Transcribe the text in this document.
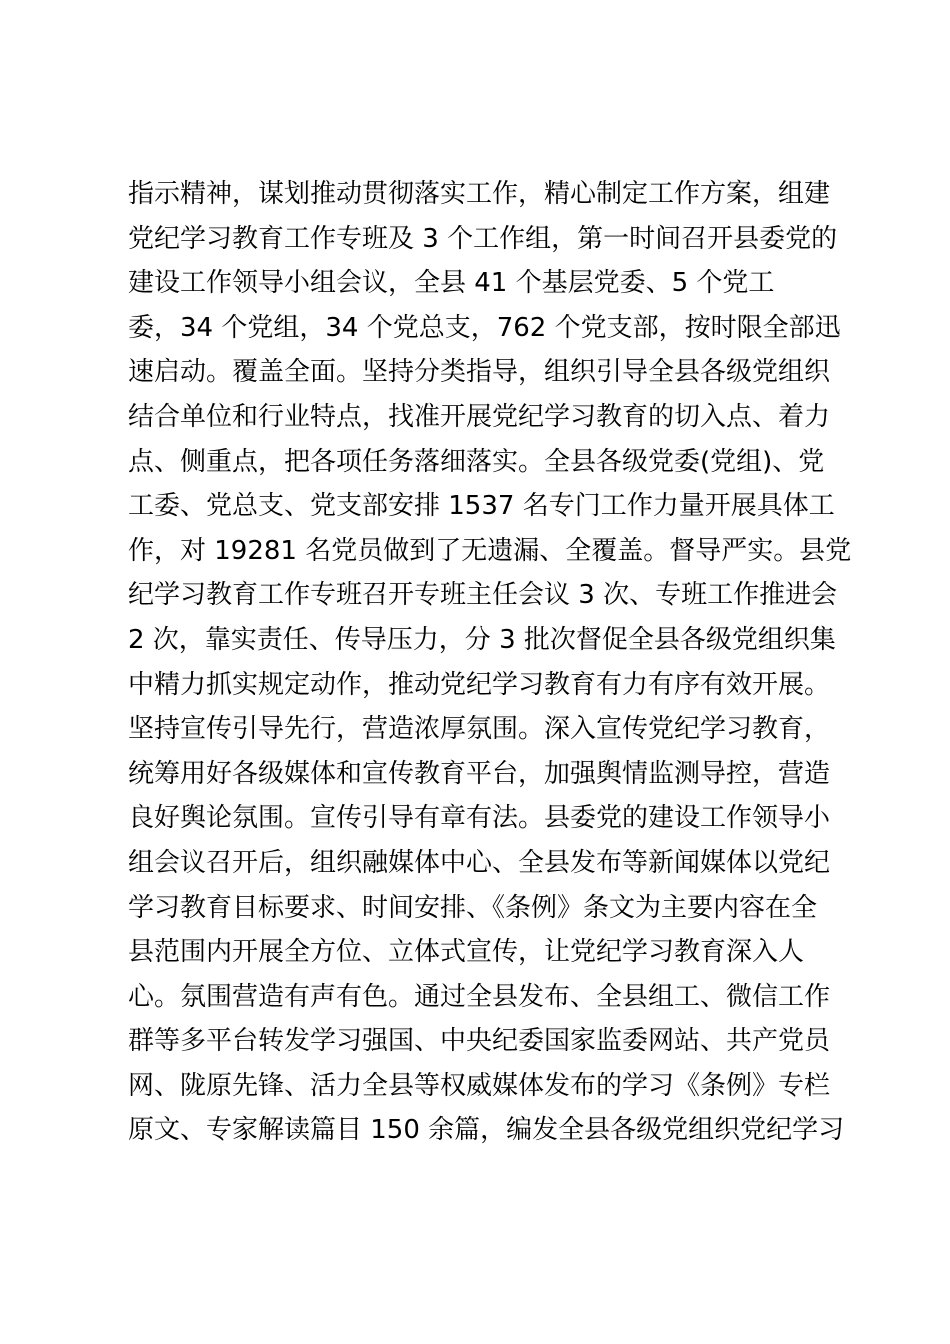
指示精神，谋划推动贯彻落实工作，精心制定工作方案，组建
党纪学习教育工作专班及 3 个工作组，第一时间召开县委党的
建设工作领导小组会议，全县 41 个基层党委、5 个党工
委，34 个党组，34 个党总支，762 个党支部，按时限全部迅
速启动。覆盖全面。坚持分类指导，组织引导全县各级党组织
结合单位和行业特点，找准开展党纪学习教育的切入点、着力
点、侧重点，把各项任务落细落实。全县各级党委(党组)、党
工委、党总支、党支部安排 1537 名专门工作力量开展具体工
作，对 19281 名党员做到了无遗漏、全覆盖。督导严实。县党
纪学习教育工作专班召开专班主任会议 3 次、专班工作推进会
2 次，靠实责任、传导压力，分 3 批次督促全县各级党组织集
中精力抓实规定动作，推动党纪学习教育有力有序有效开展。
坚持宣传引导先行，营造浓厚氛围。深入宣传党纪学习教育，
统筹用好各级媒体和宣传教育平台，加强舆情监测导控，营造
良好舆论氛围。宣传引导有章有法。县委党的建设工作领导小
组会议召开后，组织融媒体中心、全县发布等新闻媒体以党纪
学习教育目标要求、时间安排、《条例》条文为主要内容在全
县范围内开展全方位、立体式宣传，让党纪学习教育深入人
心。氛围营造有声有色。通过全县发布、全县组工、微信工作
群等多平台转发学习强国、中央纪委国家监委网站、共产党员
网、陇原先锋、活力全县等权威媒体发布的学习《条例》专栏
原文、专家解读篇目 150 余篇，编发全县各级党组织党纪学习
